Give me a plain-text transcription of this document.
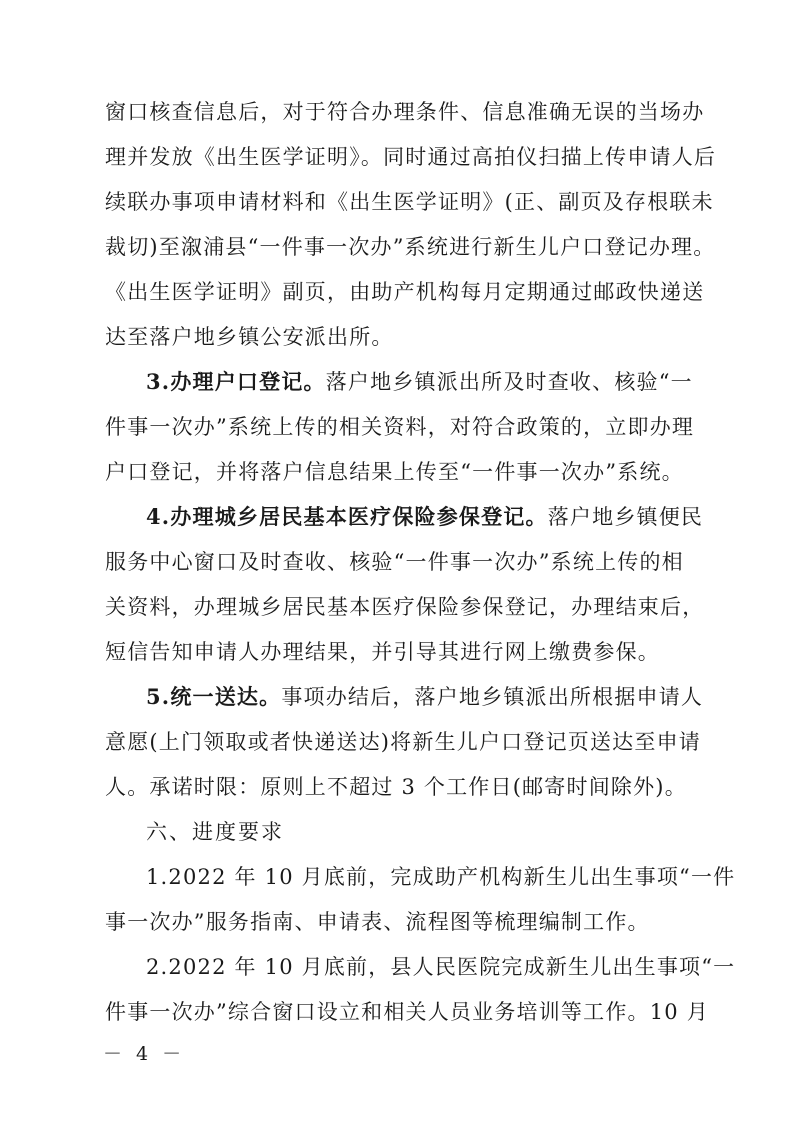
窗口核查信息后，对于符合办理条件、信息准确无误的当场办
理并发放《出生医学证明》。同时通过高拍仪扫描上传申请人后
续联办事项申请材料和《出生医学证明》(正、副页及存根联未
裁切)至溆浦县“一件事一次办”系统进行新生儿户口登记办理。
《出生医学证明》副页，由助产机构每月定期通过邮政快递送
达至落户地乡镇公安派出所。
3.办理户口登记。落户地乡镇派出所及时查收、核验“一
件事一次办”系统上传的相关资料，对符合政策的，立即办理
户口登记，并将落户信息结果上传至“一件事一次办”系统。
4.办理城乡居民基本医疗保险参保登记。落户地乡镇便民
服务中心窗口及时查收、核验“一件事一次办”系统上传的相
关资料，办理城乡居民基本医疗保险参保登记，办理结束后，
短信告知申请人办理结果，并引导其进行网上缴费参保。
5.统一送达。事项办结后，落户地乡镇派出所根据申请人
意愿(上门领取或者快递送达)将新生儿户口登记页送达至申请
人。承诺时限：原则上不超过 3 个工作日(邮寄时间除外)。
六、进度要求
1.2022 年 10 月底前，完成助产机构新生儿出生事项“一件
事一次办”服务指南、申请表、流程图等梳理编制工作。
2.2022 年 10 月底前，县人民医院完成新生儿出生事项“一
件事一次办”综合窗口设立和相关人员业务培训等工作。10 月
－ 4 －
